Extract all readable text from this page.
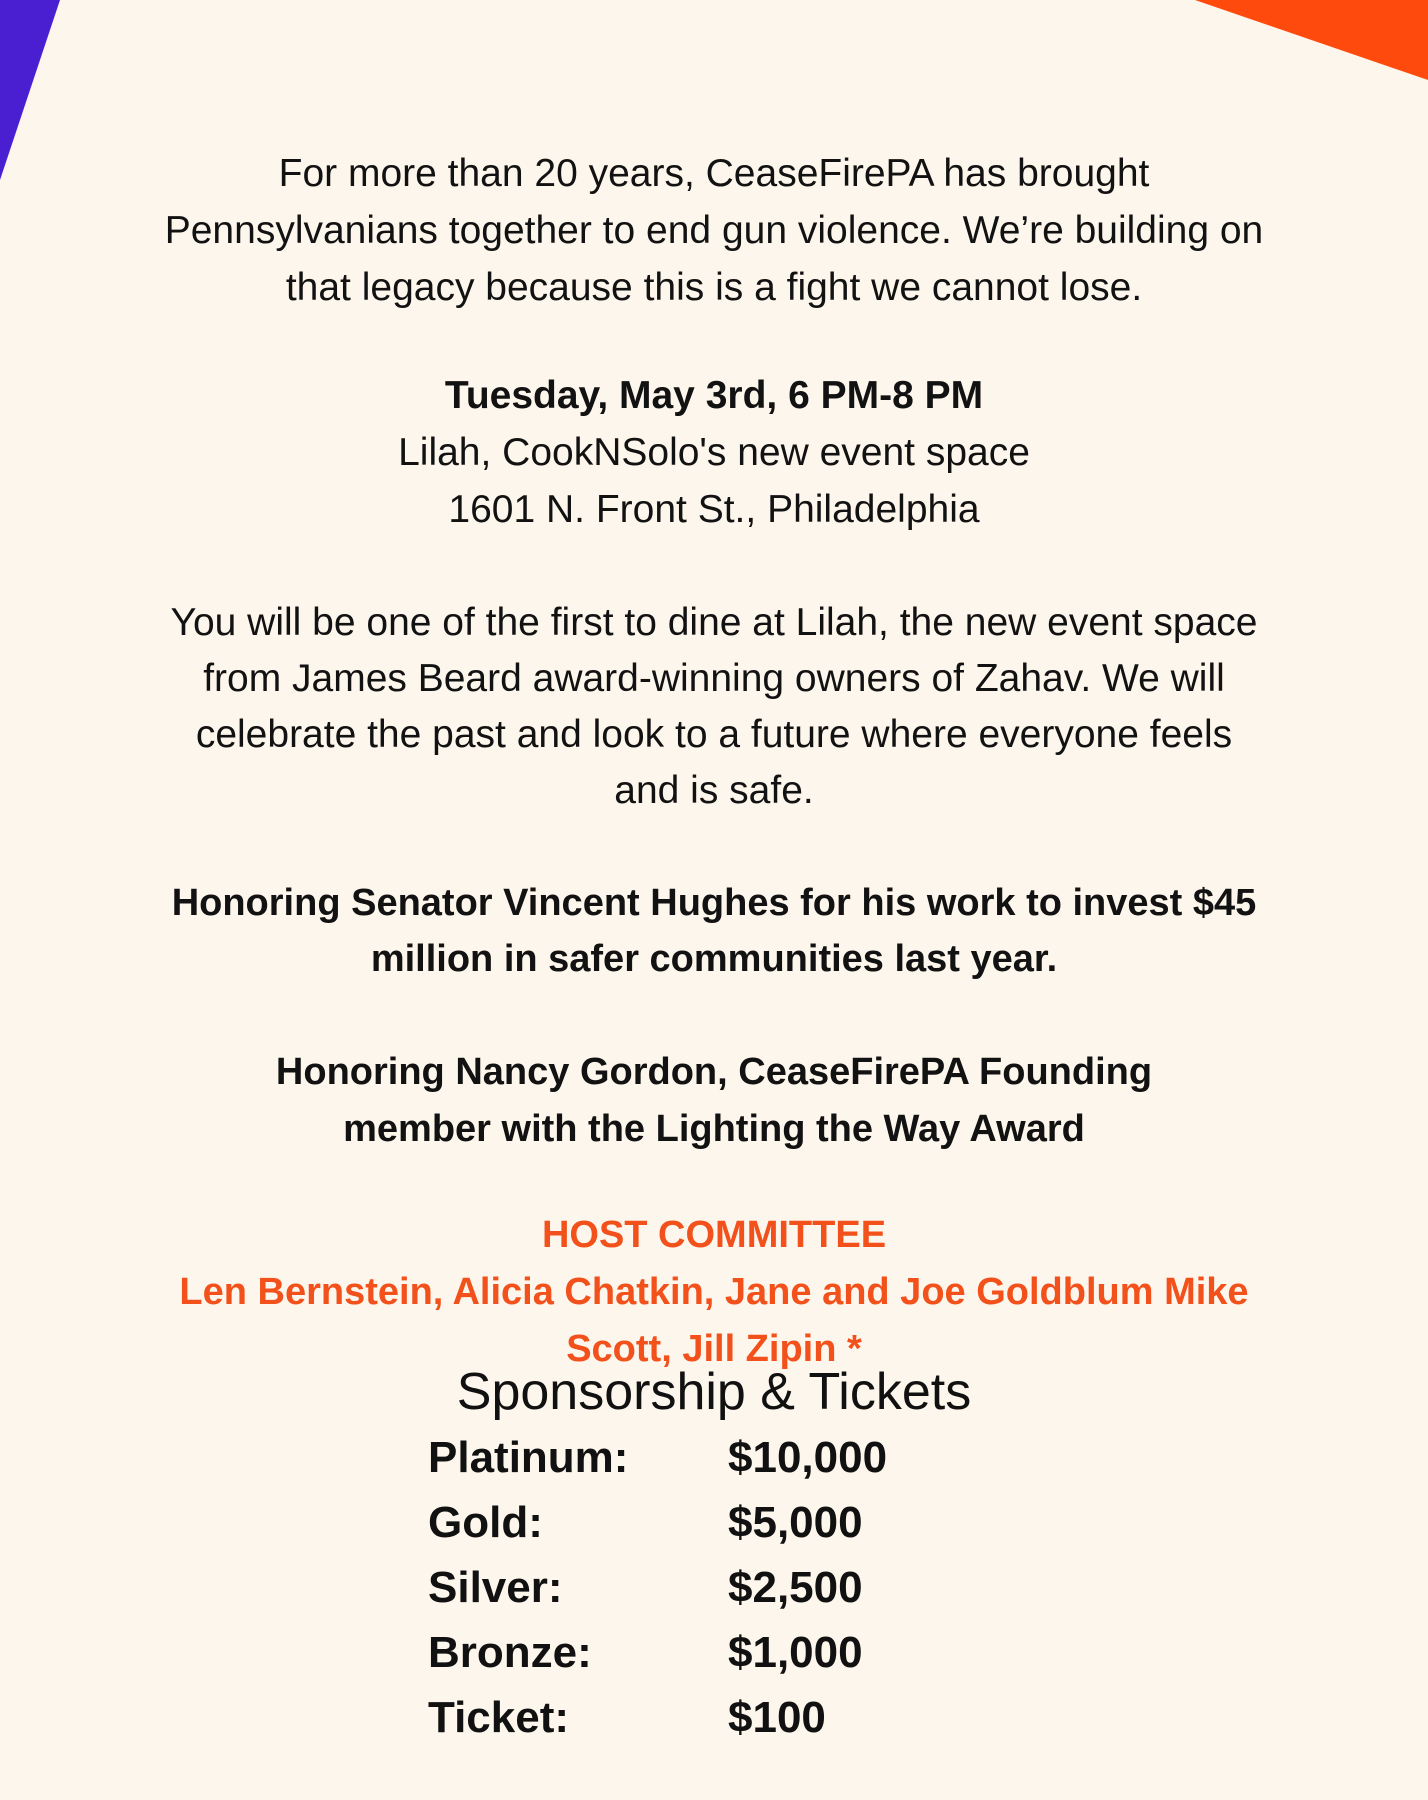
For more than 20 years, CeaseFirePA has brought
Pennsylvanians together to end gun violence. We’re building on
that legacy because this is a fight we cannot lose.

Tuesday, May 3rd, 6 PM-8 PM
Lilah, CookNSolo's new event space
1601 N. Front St., Philadelphia

You will be one of the first to dine at Lilah, the new event space
from James Beard award-winning owners of Zahav. We will
celebrate the past and look to a future where everyone feels
and is safe.

Honoring Senator Vincent Hughes for his work to invest $45
million in safer communities last year.

Honoring Nancy Gordon, CeaseFirePA Founding
member with the Lighting the Way Award

HOST COMMITTEE
Len Bernstein, Alicia Chatkin, Jane and Joe Goldblum Mike
Scott, Jill Zipin *

Sponsorship & Tickets
Platinum:	$10,000
Gold:	$5,000
Silver:	$2,500
Bronze:	$1,000
Ticket:	$100
